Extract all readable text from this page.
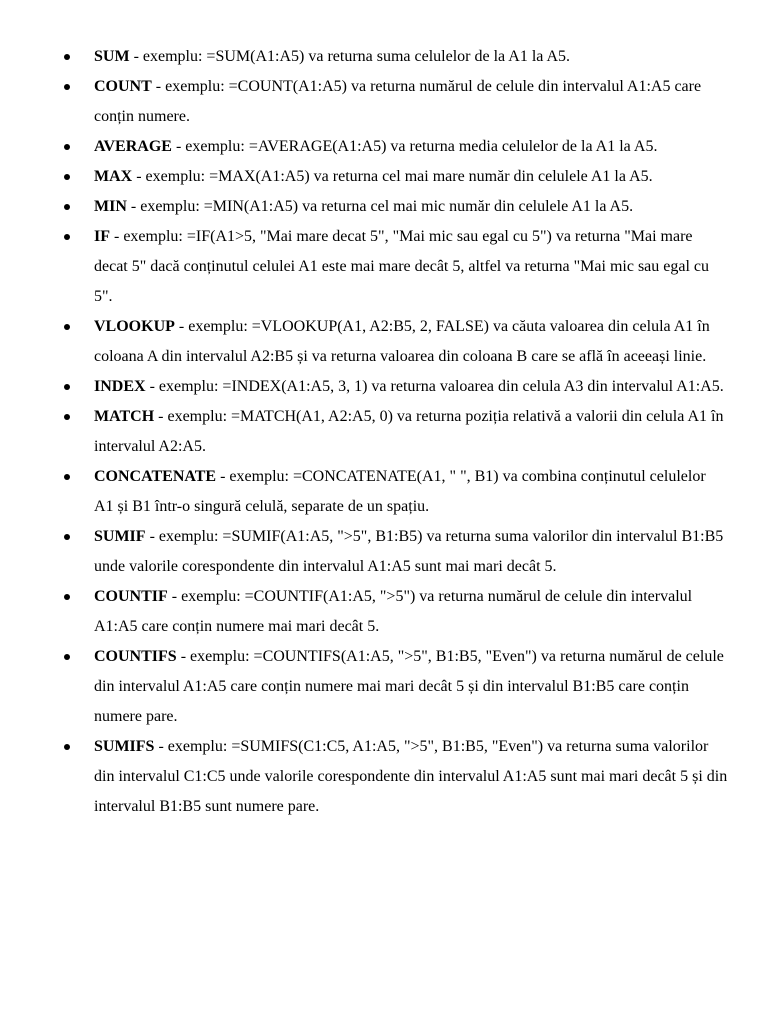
SUM - exemplu: =SUM(A1:A5) va returna suma celulelor de la A1 la A5.
COUNT - exemplu: =COUNT(A1:A5) va returna numărul de celule din intervalul A1:A5 care conțin numere.
AVERAGE - exemplu: =AVERAGE(A1:A5) va returna media celulelor de la A1 la A5.
MAX - exemplu: =MAX(A1:A5) va returna cel mai mare număr din celulele A1 la A5.
MIN - exemplu: =MIN(A1:A5) va returna cel mai mic număr din celulele A1 la A5.
IF - exemplu: =IF(A1>5, "Mai mare decat 5", "Mai mic sau egal cu 5") va returna "Mai mare decat 5" dacă conținutul celulei A1 este mai mare decât 5, altfel va returna "Mai mic sau egal cu 5".
VLOOKUP - exemplu: =VLOOKUP(A1, A2:B5, 2, FALSE) va căuta valoarea din celula A1 în coloana A din intervalul A2:B5 și va returna valoarea din coloana B care se află în aceeași linie.
INDEX - exemplu: =INDEX(A1:A5, 3, 1) va returna valoarea din celula A3 din intervalul A1:A5.
MATCH - exemplu: =MATCH(A1, A2:A5, 0) va returna poziția relativă a valorii din celula A1 în intervalul A2:A5.
CONCATENATE - exemplu: =CONCATENATE(A1, " ", B1) va combina conținutul celulelor A1 și B1 într-o singură celulă, separate de un spațiu.
SUMIF - exemplu: =SUMIF(A1:A5, ">5", B1:B5) va returna suma valorilor din intervalul B1:B5 unde valorile corespondente din intervalul A1:A5 sunt mai mari decât 5.
COUNTIF - exemplu: =COUNTIF(A1:A5, ">5") va returna numărul de celule din intervalul A1:A5 care conțin numere mai mari decât 5.
COUNTIFS - exemplu: =COUNTIFS(A1:A5, ">5", B1:B5, "Even") va returna numărul de celule din intervalul A1:A5 care conțin numere mai mari decât 5 și din intervalul B1:B5 care conțin numere pare.
SUMIFS - exemplu: =SUMIFS(C1:C5, A1:A5, ">5", B1:B5, "Even") va returna suma valorilor din intervalul C1:C5 unde valorile corespondente din intervalul A1:A5 sunt mai mari decât 5 și din intervalul B1:B5 sunt numere pare.
